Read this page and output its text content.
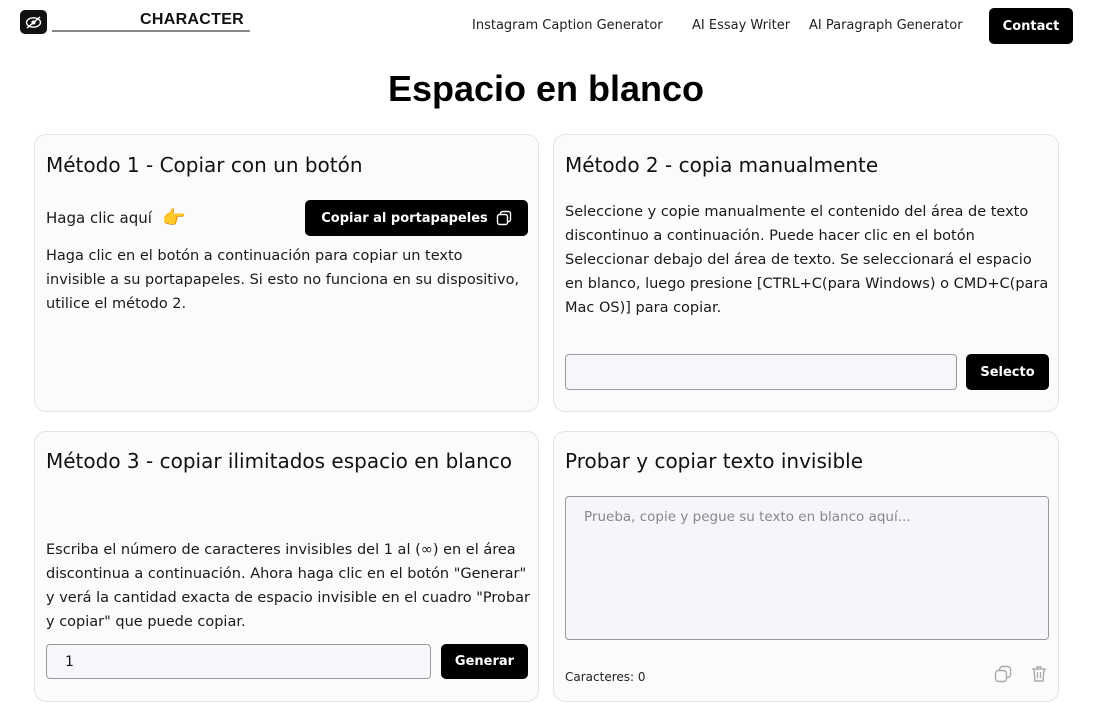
CHARACTER	Instagram Caption Generator AI Essay Writer AI Paragraph Generator	Contact
Espacio en blanco
Método 1 - Copiar con un botón
Haga clic aquí 👉	Copiar al portapapeles
Haga clic en el botón a continuación para copiar un texto invisible a su portapapeles. Si esto no funciona en su dispositivo, utilice el método 2.
Método 2 - copia manualmente
Seleccione y copie manualmente el contenido del área de texto discontinuo a continuación. Puede hacer clic en el botón Seleccionar debajo del área de texto. Se seleccionará el espacio en blanco, luego presione [CTRL+C(para Windows) o CMD+C(para Mac OS)] para copiar.
Selecto
Método 3 - copiar ilimitados espacio en blanco
Escriba el número de caracteres invisibles del 1 al (∞) en el área discontinua a continuación. Ahora haga clic en el botón "Generar" y verá la cantidad exacta de espacio invisible en el cuadro "Probar y copiar" que puede copiar.
1	Generar
Probar y copiar texto invisible
Prueba, copie y pegue su texto en blanco aquí...
Caracteres: 0
